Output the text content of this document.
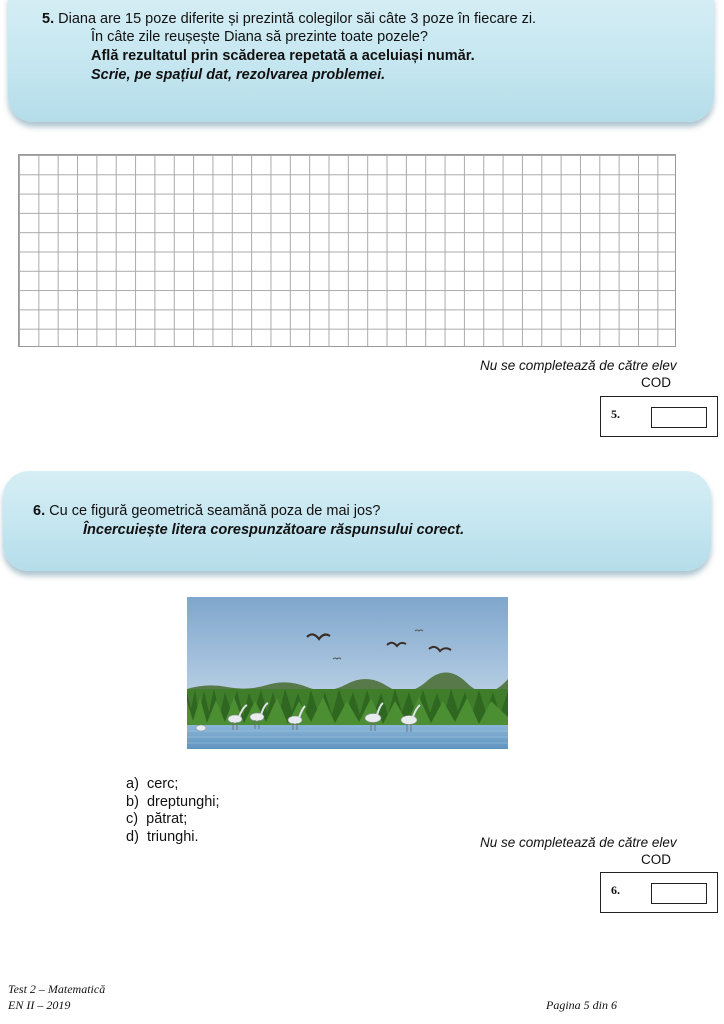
5. Diana are 15 poze diferite și prezintă colegilor săi câte 3 poze în fiecare zi.
În câte zile reușește Diana să prezinte toate pozele?
Află rezultatul prin scăderea repetată a aceluiași număr.
Scrie, pe spațiul dat, rezolvarea problemei.
Nu se completează de către elev
COD
5.
6. Cu ce figură geometrică seamănă poza de mai jos?
Încercuiește litera corespunzătoare răspunsului corect.
a)  cerc;
b)  dreptunghi;
c)  pătrat;
d)  triunghi.	Nu se completează de către elev
COD
6.
Test 2 – Matematică
EN II – 2019	Pagina 5 din 6
